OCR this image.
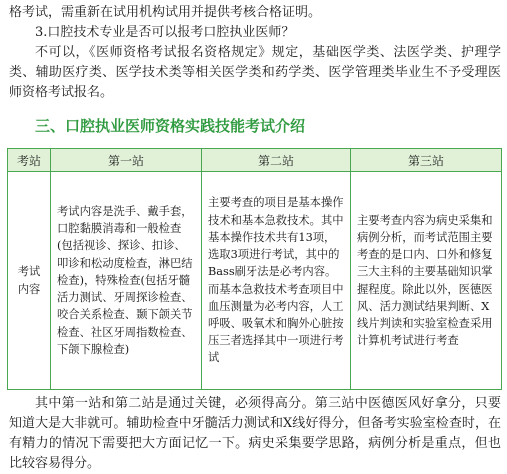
格考试，需重新在试用机构试用并提供考核合格证明。

3.口腔技术专业是否可以报考口腔执业医师？

不可以，《医师资格考试报名资格规定》规定，基础医学类、法医学类、护理学类、辅助医疗类、医学技术类等相关医学类和药学类、医学管理类毕业生不予受理医师资格考试报名。

三、口腔执业医师资格实践技能考试介绍
考站	第一站	第二站	第三站

考试
内容	考试内容是洗手、戴手套，口腔黏膜消毒和一般检查(包括视诊、探诊、扣诊、叩诊和松动度检查，淋巴结检查)，特殊检查(包括牙髓活力测试、牙周探诊检查、咬合关系检查、颞下颌关节检查、社区牙周指数检查、下颌下腺检查)	主要考查的项目是基本操作技术和基本急救技术。其中基本操作技术共有13项，选取3项进行考试，其中的Bass刷牙法是必考内容。而基本急救技术考查项目中血压测量为必考内容，人工呼吸、吸氧术和胸外心脏按压三者选择其中一项进行考试	主要考查内容为病史采集和病例分析，而考试范围主要考查的是口内、口外和修复三大主科的主要基础知识掌握程度。除此以外，医德医风、活力测试结果判断、X线片判读和实验室检查采用计算机考试进行考查

其中第一站和第二站是通过关键，必须得高分。第三站中医德医风好拿分，只要知道大是大非就可。辅助检查中牙髓活力测试和X线好得分，但备考实验室检查时，在有精力的情况下需要把大方面记忆一下。病史采集要学思路，病例分析是重点，但也比较容易得分。
